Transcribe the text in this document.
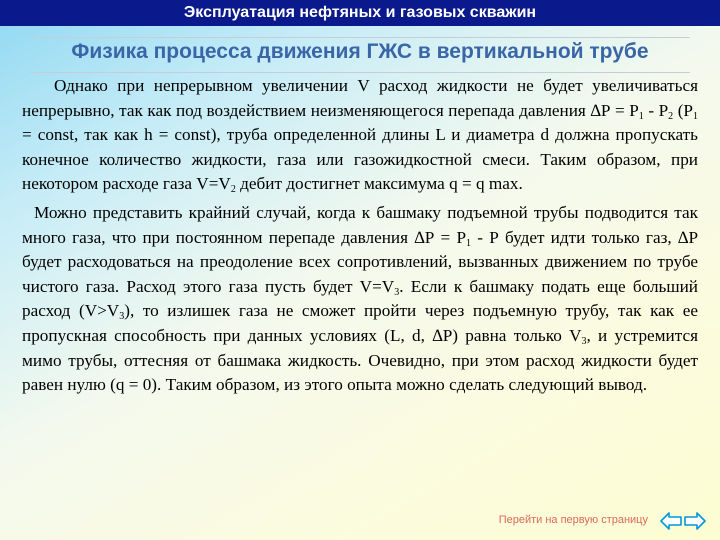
Эксплуатация нефтяных и газовых скважин
Физика процесса движения ГЖС в вертикальной трубе

Однако при непрерывном увеличении V расход жидкости не будет увеличиваться непрерывно, так как под воздействием неизменяющегося перепада давления $\Delta Р = Р_1 - Р_2$ ($Р_1$ = const, так как h = const), труба определенной длины L и диаметра d должна пропускать конечное количество жидкости, газа или газожидкостной смеси. Таким образом, при некотором расходе газа $V=V_2$ дебит достигнет максимума q = q max.

Можно представить крайний случай, когда к башмаку подъемной трубы подводится так много газа, что при постоянном перепаде давления $\Delta Р = Р_1 - Р$ будет идти только газ, ∆Р будет расходоваться на преодоление всех сопротивлений, вызванных движением по трубе чистого газа. Расход этого газа пусть будет $V=V_3$. Если к башмаку подать еще больший расход $(V>V_3)$, то излишек газа не сможет пройти через подъемную трубу, так как ее пропускная способность при данных условиях (L, d, ∆Р) равна только $V_3$, и устремится мимо трубы, оттесняя от башмака жидкость. Очевидно, при этом расход жидкости будет равен нулю (q = 0). Таким образом, из этого опыта можно сделать следующий вывод.

Перейти на первую страницу
